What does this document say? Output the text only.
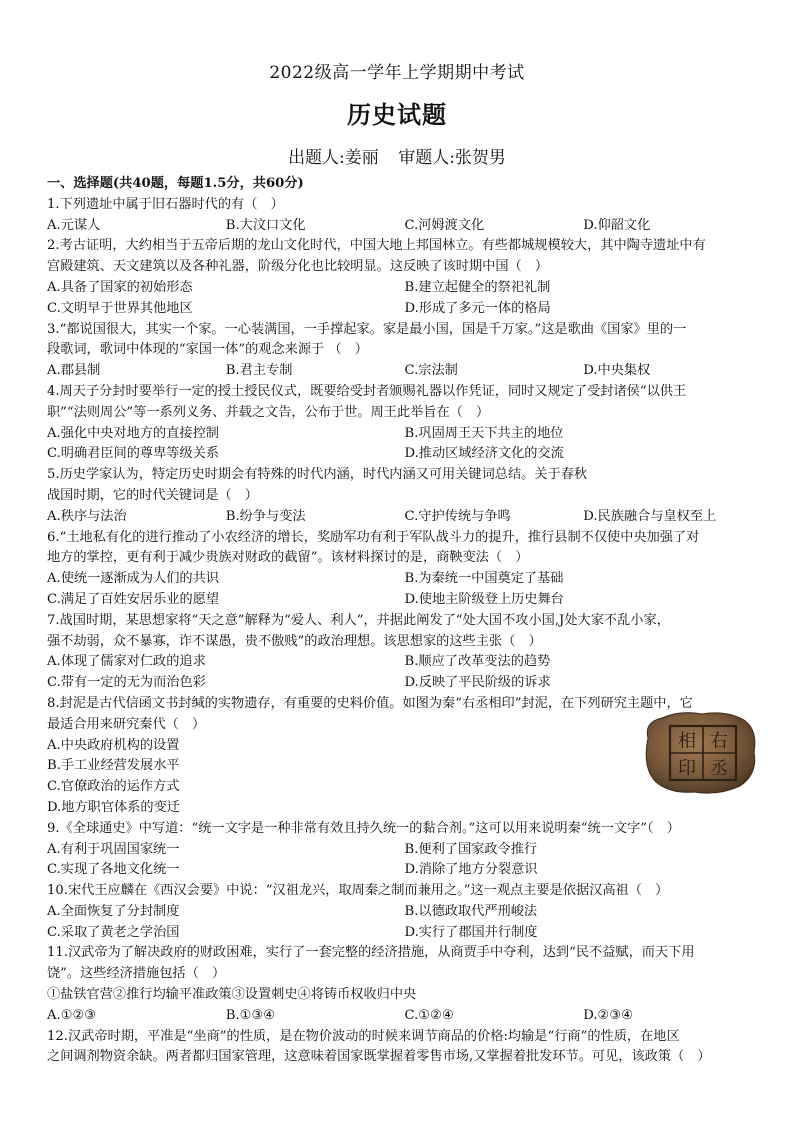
2022级高一学年上学期期中考试
历史试题
出题人:姜丽 审题人:张贺男
一、选择题(共40题，每题1.5分，共60分)
1.下列遗址中属于旧石器时代的有（　）
A.元谋人	B.大汶口文化	C.河姆渡文化	D.仰韶文化
2.考古证明，大约相当于五帝后期的龙山文化时代，中国大地上邦国林立。有些都城规模较大，其中陶寺遗址中有
宫殿建筑、天文建筑以及各种礼器，阶级分化也比较明显。这反映了该时期中国（　）
A.具备了国家的初始形态	B.建立起健全的祭祀礼制
C.文明早于世界其他地区	D.形成了多元一体的格局
3.“都说国很大，其实一个家。一心装满国，一手撑起家。家是最小国，国是千万家。”这是歌曲《国家》里的一
段歌词，歌词中体现的“家国一体”的观念来源于 （　）
A.郡县制	B.君主专制	C.宗法制	D.中央集权
4.周天子分封时要举行一定的授土授民仪式，既要给受封者颁赐礼器以作凭证，同时又规定了受封诸侯“以供王
职”“法则周公”等一系列义务、并载之文告，公布于世。周王此举旨在（　）
A.强化中央对地方的直接控制	B.巩固周王天下共主的地位
C.明确君臣间的尊卑等级关系	D.推动区域经济文化的交流
5.历史学家认为，特定历史时期会有特殊的时代内涵，时代内涵又可用关键词总结。关于春秋
战国时期，它的时代关键词是（　）
A.秩序与法治	B.纷争与变法	C.守护传统与争鸣	D.民族融合与皇权至上
6.“土地私有化的进行推动了小农经济的增长，奖励军功有利于军队战斗力的提升，推行县制不仅使中央加强了对
地方的掌控，更有利于减少贵族对财政的截留”。该材料探讨的是，商鞅变法（　）
A.使统一逐渐成为人们的共识	B.为秦统一中国奠定了基础
C.满足了百姓安居乐业的愿望	D.使地主阶级登上历史舞台
7.战国时期，某思想家将“天之意”解释为“爱人、利人”，并据此阐发了“处大国不攻小国,J处大家不乱小家，
强不劫弱，众不暴寡，诈不谋愚，贵不傲贱”的政治理想。该思想家的这些主张（　）
A.体现了儒家对仁政的追求	B.顺应了改革变法的趋势
C.带有一定的无为而治色彩	D.反映了平民阶级的诉求
8.封泥是古代信函文书封缄的实物遗存，有重要的史料价值。如图为秦“右丞相印”封泥，在下列研究主题中，它
最适合用来研究秦代（　）
A.中央政府机构的设置
B.手工业经营发展水平
C.官僚政治的运作方式
D.地方职官体系的变迁
右
丞
相
印
9.《全球通史》中写道：“统一文字是一种非常有效且持久统一的黏合剂。”这可以用来说明秦“统一文字”（　）
A.有利于巩固国家统一	B.便利了国家政令推行
C.实现了各地文化统一	D.消除了地方分裂意识
10.宋代王应麟在《西汉会要》中说：“汉祖龙兴，取周秦之制而兼用之。”这一观点主要是依据汉高祖（　）
A.全面恢复了分封制度	B.以德政取代严刑峻法
C.采取了黄老之学治国	D.实行了郡国并行制度
11.汉武帝为了解决政府的财政困难，实行了一套完整的经济措施，从商贾手中夺利，达到“民不益赋，而天下用
饶”。这些经济措施包括（　）
①盐铁官营②推行均输平准政策③设置刺史④将铸币权收归中央
A.①②③	B.①③④	C.①②④	D.②③④
12.汉武帝时期，平准是“坐商”的性质，是在物价波动的时候来调节商品的价格:均输是“行商”的性质，在地区
之间调剂物资余缺。两者都归国家管理，这意味着国家既掌握着零售市场,又掌握着批发环节。可见，该政策（　）
